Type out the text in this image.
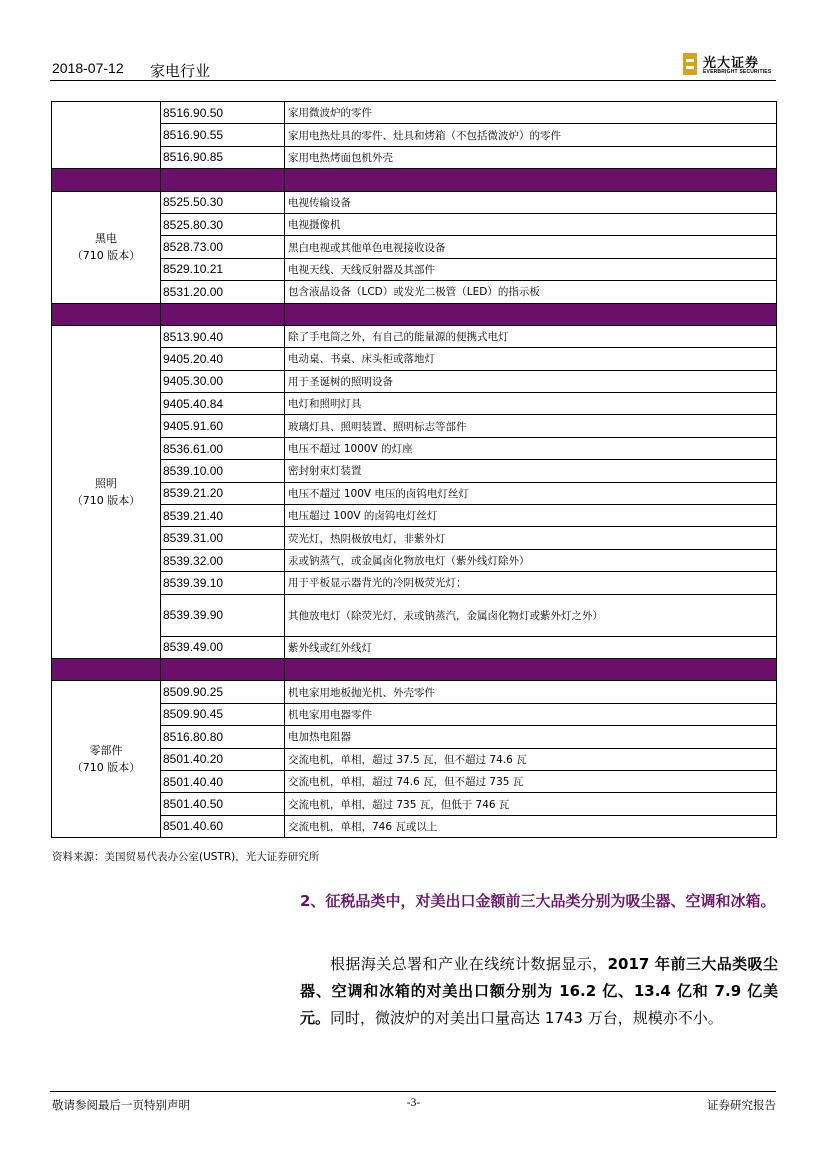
2018-07-12 家电行业	光大证券
EVERBRIGHT SECURITIES
	8516.90.50	家用微波炉的零件
	8516.90.55	家用电热灶具的零件、灶具和烤箱（不包括微波炉）的零件
	8516.90.85	家用电热烤面包机外壳

黑电
（710 版本）	8525.50.30	电视传输设备
	8525.80.30	电视摄像机
	8528.73.00	黑白电视或其他单色电视接收设备
	8529.10.21	电视天线、天线反射器及其部件
	8531.20.00	包含液晶设备（LCD）或发光二极管（LED）的指示板

照明
（710 版本）	8513.90.40	除了手电筒之外，有自己的能量源的便携式电灯
	9405.20.40	电动桌、书桌、床头柜或落地灯
	9405.30.00	用于圣诞树的照明设备
	9405.40.84	电灯和照明灯具
	9405.91.60	玻璃灯具、照明装置、照明标志等部件
	8536.61.00	电压不超过 1000V 的灯座
	8539.10.00	密封射束灯装置
	8539.21.20	电压不超过 100V 电压的卤钨电灯丝灯
	8539.21.40	电压超过 100V 的卤钨电灯丝灯
	8539.31.00	荧光灯，热阴极放电灯，非紫外灯
	8539.32.00	汞或钠蒸气，或金属卤化物放电灯（紫外线灯除外）
	8539.39.10	用于平板显示器背光的冷阴极荧光灯；
	8539.39.90	其他放电灯（除荧光灯，汞或钠蒸汽，金属卤化物灯或紫外灯之外）
	8539.49.00	紫外线或红外线灯

零部件
（710 版本）	8509.90.25	机电家用地板抛光机、外壳零件
	8509.90.45	机电家用电器零件
	8516.80.80	电加热电阻器
	8501.40.20	交流电机，单相，超过 37.5 瓦，但不超过 74.6 瓦
	8501.40.40	交流电机，单相，超过 74.6 瓦，但不超过 735 瓦
	8501.40.50	交流电机，单相，超过 735 瓦，但低于 746 瓦
	8501.40.60	交流电机，单相，746 瓦或以上
资料来源：美国贸易代表办公室(USTR)，光大证券研究所
2、征税品类中，对美出口金额前三大品类分别为吸尘器、空调和冰箱。
根据海关总署和产业在线统计数据显示，2017 年前三大品类吸尘器、空调和冰箱的对美出口额分别为 16.2 亿、13.4 亿和 7.9 亿美元。同时，微波炉的对美出口量高达 1743 万台，规模亦不小。
敬请参阅最后一页特别声明	-3-	证券研究报告
